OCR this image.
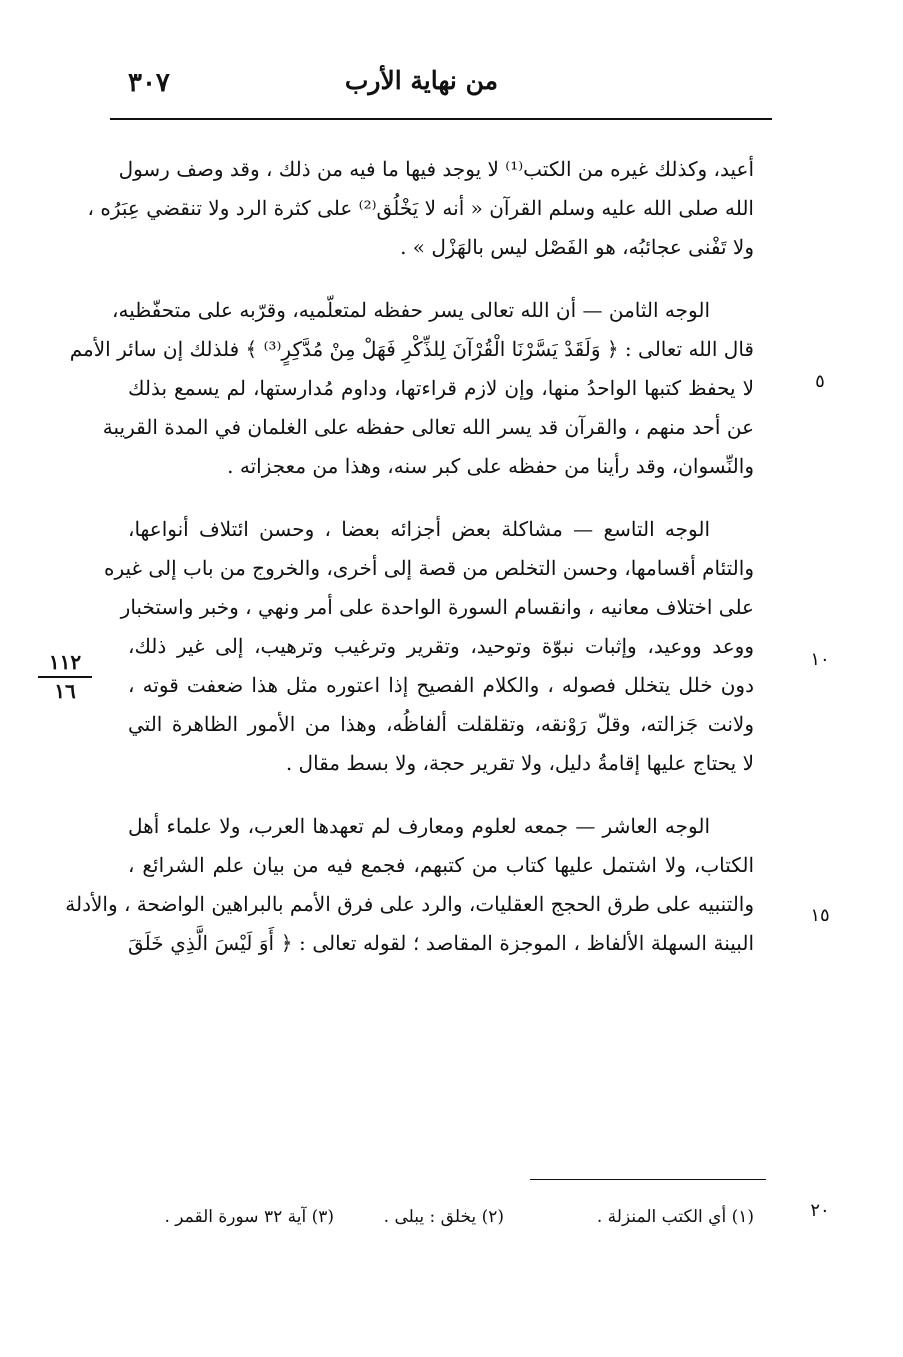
٣٠٧	من نهاية الأرب
١١٢
١٦
٥
١٠
١٥
٢٠
أعيد، وكذلك غيره من الكتب⁽¹⁾ لا يوجد فيها ما فيه من ذلك ، وقد وصف رسول
الله صلى الله عليه وسلم القرآن « أنه لا يَخْلُق⁽²⁾ على كثرة الرد ولا تنقضي عِبَرُه ،
ولا تَفْنى عجائبُه، هو الفَصْل ليس بالهَزْل » .
الوجه الثامن — أن الله تعالى يسر حفظه لمتعلّميه، وقرّبه على متحفّظيه،
قال الله تعالى : ﴿ وَلَقَدْ يَسَّرْنَا الْقُرْآنَ لِلذِّكْرِ فَهَلْ مِنْ مُدَّكِرٍ⁽³⁾ ﴾ فلذلك إن سائر الأمم
لا يحفظ كتبها الواحدُ منها، وإن لازم قراءتها، وداوم مُدارستها، لم يسمع بذلك
عن أحد منهم ، والقرآن قد يسر الله تعالى حفظه على الغلمان في المدة القريبة
والنِّسوان، وقد رأينا من حفظه على كبر سنه، وهذا من معجزاته .
الوجه التاسع — مشاكلة بعض أجزائه بعضا ، وحسن ائتلاف أنواعها،
والتئام أقسامها، وحسن التخلص من قصة إلى أخرى، والخروج من باب إلى غيره
على اختلاف معانيه ، وانقسام السورة الواحدة على أمر ونهي ، وخبر واستخبار
ووعد ووعيد، وإثبات نبوّة وتوحيد، وتقرير وترغيب وترهيب، إلى غير ذلك،
دون خلل يتخلل فصوله ، والكلام الفصيح إذا اعتوره مثل هذا ضعفت قوته ،
ولانت جَزالته، وقلّ رَوْنقه، وتقلقلت ألفاظُه، وهذا من الأمور الظاهرة التي
لا يحتاج عليها إقامةُ دليل، ولا تقرير حجة، ولا بسط مقال .
الوجه العاشر — جمعه لعلوم ومعارف لم تعهدها العرب، ولا علماء أهل
الكتاب، ولا اشتمل عليها كتاب من كتبهم، فجمع فيه من بيان علم الشرائع ،
والتنبيه على طرق الحجج العقليات، والرد على فرق الأمم بالبراهين الواضحة ، والأدلة
البينة السهلة الألفاظ ، الموجزة المقاصد ؛ لقوله تعالى : ﴿ أَوَ لَيْسَ الَّذِي خَلَقَ
(١) أي الكتب المنزلة .
(٢) يخلق : يبلى .
(٣) آية ٣٢ سورة القمر .
